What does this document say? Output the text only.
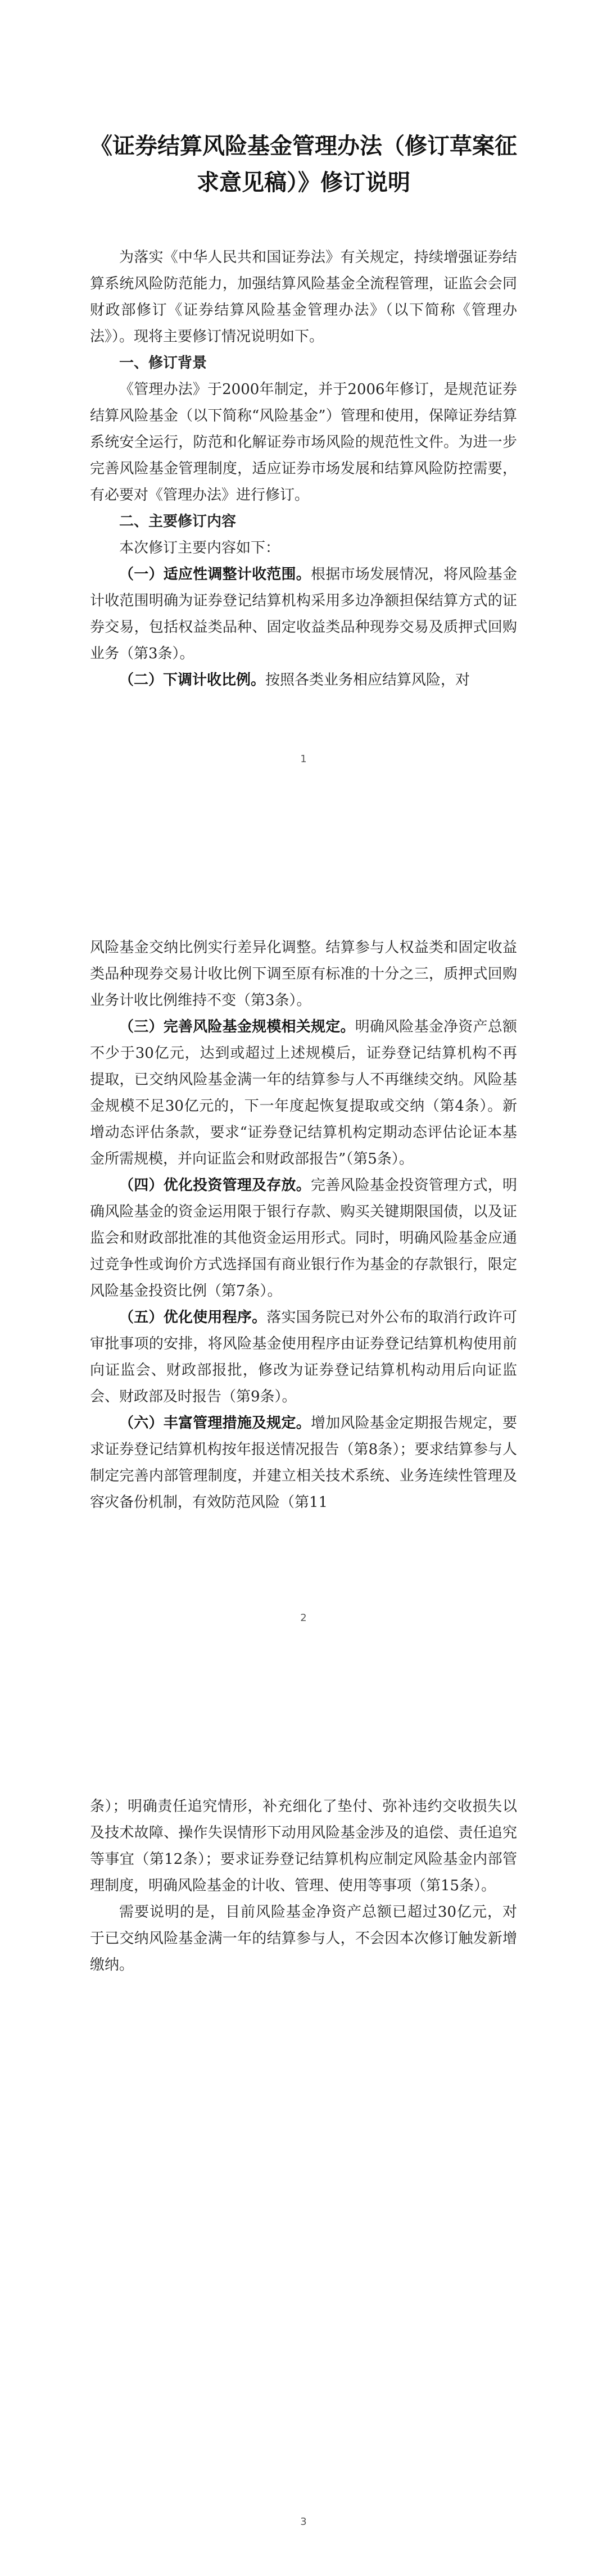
《证券结算风险基金管理办法（修订草案征求意见稿）》修订说明

为落实《中华人民共和国证券法》有关规定，持续增强证券结算系统风险防范能力，加强结算风险基金全流程管理，证监会会同财政部修订《证券结算风险基金管理办法》（以下简称《管理办法》）。现将主要修订情况说明如下。

一、修订背景

《管理办法》于2000年制定，并于2006年修订，是规范证券结算风险基金（以下简称“风险基金”）管理和使用，保障证券结算系统安全运行，防范和化解证券市场风险的规范性文件。为进一步完善风险基金管理制度，适应证券市场发展和结算风险防控需要，有必要对《管理办法》进行修订。

二、主要修订内容

本次修订主要内容如下：

（一）适应性调整计收范围。根据市场发展情况，将风险基金计收范围明确为证券登记结算机构采用多边净额担保结算方式的证券交易，包括权益类品种、固定收益类品种现券交易及质押式回购业务（第3条）。

（二）下调计收比例。按照各类业务相应结算风险，对

1

风险基金交纳比例实行差异化调整。结算参与人权益类和固定收益类品种现券交易计收比例下调至原有标准的十分之三，质押式回购业务计收比例维持不变（第3条）。

（三）完善风险基金规模相关规定。明确风险基金净资产总额不少于30亿元，达到或超过上述规模后，证券登记结算机构不再提取，已交纳风险基金满一年的结算参与人不再继续交纳。风险基金规模不足30亿元的，下一年度起恢复提取或交纳（第4条）。新增动态评估条款，要求“证券登记结算机构定期动态评估论证本基金所需规模，并向证监会和财政部报告”（第5条）。

（四）优化投资管理及存放。完善风险基金投资管理方式，明确风险基金的资金运用限于银行存款、购买关键期限国债，以及证监会和财政部批准的其他资金运用形式。同时，明确风险基金应通过竞争性或询价方式选择国有商业银行作为基金的存款银行，限定风险基金投资比例（第7条）。

（五）优化使用程序。落实国务院已对外公布的取消行政许可审批事项的安排，将风险基金使用程序由证券登记结算机构使用前向证监会、财政部报批，修改为证券登记结算机构动用后向证监会、财政部及时报告（第9条）。

（六）丰富管理措施及规定。增加风险基金定期报告规定，要求证券登记结算机构按年报送情况报告（第8条）；要求结算参与人制定完善内部管理制度，并建立相关技术系统、业务连续性管理及容灾备份机制，有效防范风险（第11

2

条）；明确责任追究情形，补充细化了垫付、弥补违约交收损失以及技术故障、操作失误情形下动用风险基金涉及的追偿、责任追究等事宜（第12条）；要求证券登记结算机构应制定风险基金内部管理制度，明确风险基金的计收、管理、使用等事项（第15条）。

需要说明的是，目前风险基金净资产总额已超过30亿元，对于已交纳风险基金满一年的结算参与人，不会因本次修订触发新增缴纳。

3
